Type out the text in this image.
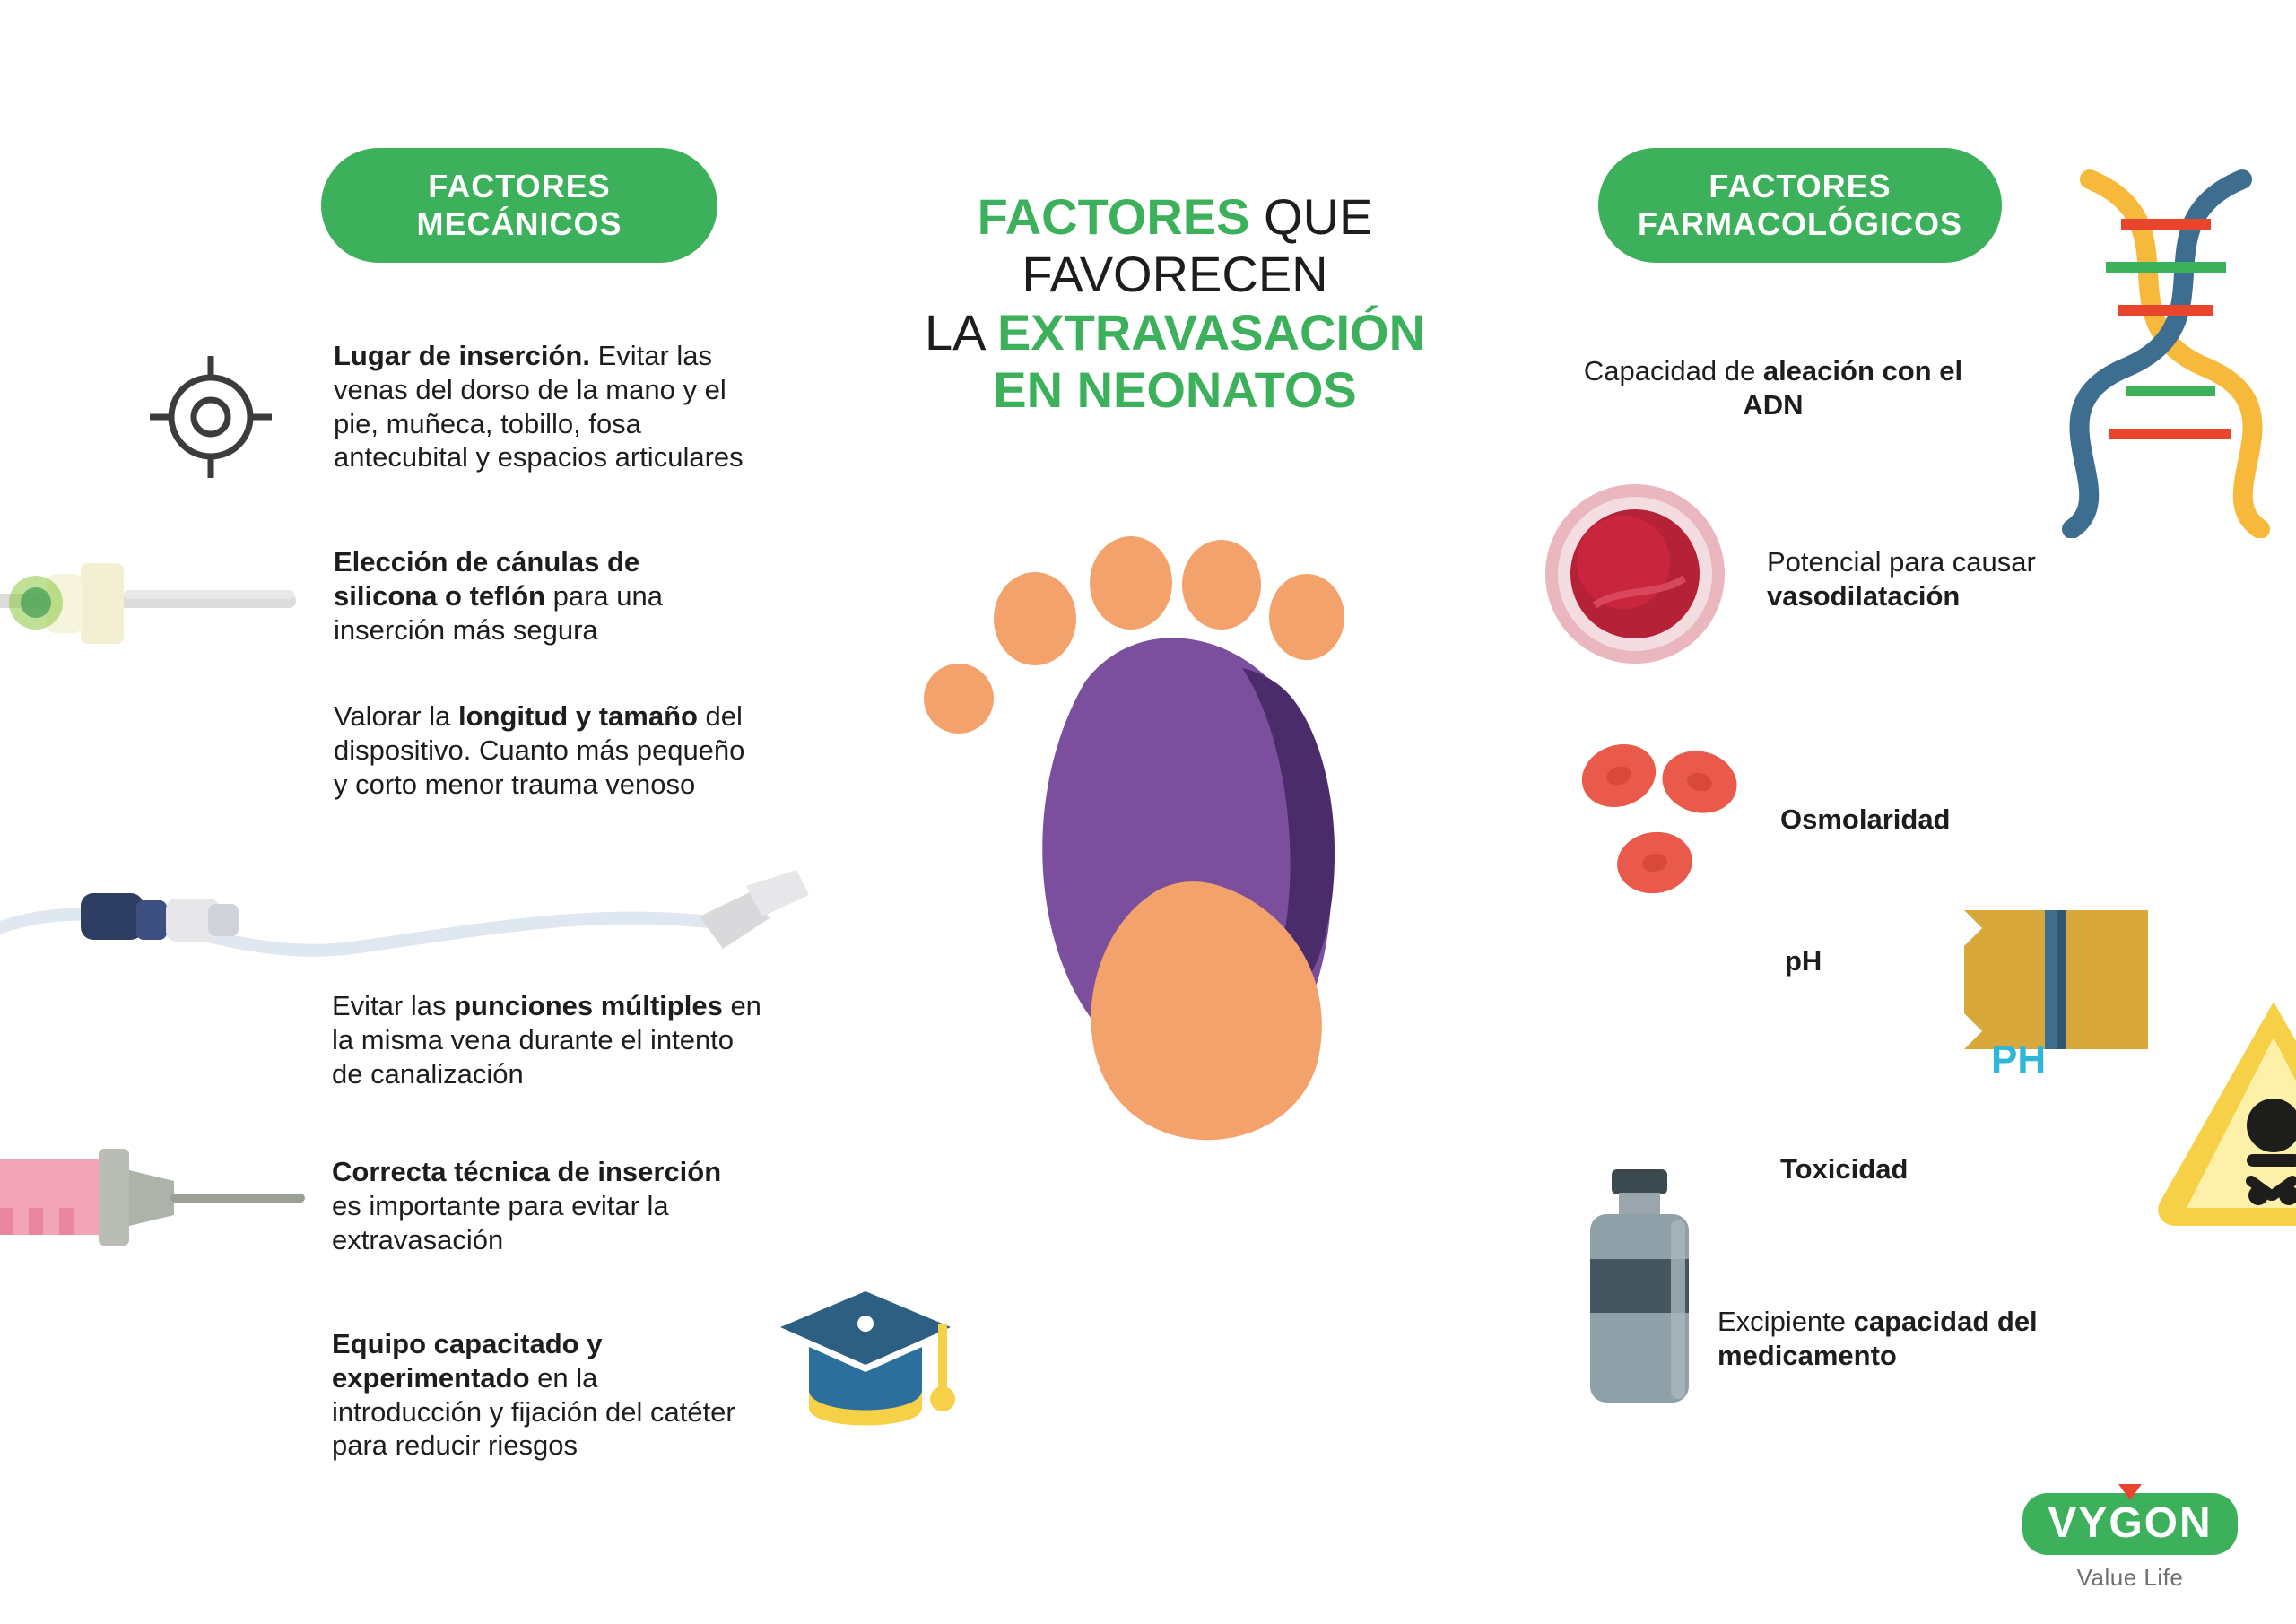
FACTORES
MECÁNICOS
FACTORES
FARMACOLÓGICOS
FACTORES QUE
FAVORECEN
LA EXTRAVASACIÓN
EN NEONATOS
Lugar de inserción. Evitar las venas del dorso de la mano y el pie, muñeca, tobillo, fosa antecubital y espacios articulares
Elección de cánulas de silicona o teflón para una inserción más segura
Valorar la longitud y tamaño del dispositivo. Cuanto más pequeño y corto menor trauma venoso
Evitar las punciones múltiples en la misma vena durante el intento de canalización
Correcta técnica de inserción es importante para evitar la extravasación
Equipo capacitado y experimentado en la introducción y fijación del catéter para reducir riesgos
Capacidad de aleación con el ADN
Potencial para causar vasodilatación
Osmolaridad
pH
Toxicidad
Excipiente capacidad del medicamento
PH
VYGON
Value Life
